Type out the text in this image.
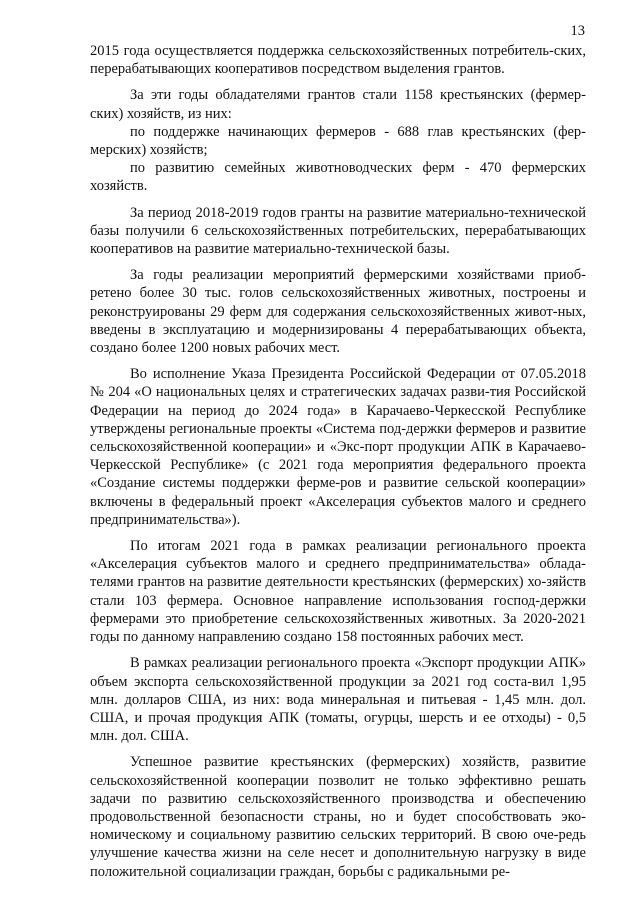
13

2015 года осуществляется поддержка сельскохозяйственных потребитель-ских, перерабатывающих кооперативов посредством выделения грантов.

За эти годы обладателями грантов стали 1158 крестьянских (фермер-ских) хозяйств, из них:

по поддержке начинающих фермеров - 688 глав крестьянских (фер-мерских) хозяйств;

по развитию семейных животноводческих ферм - 470 фермерских хозяйств.

За период 2018-2019 годов гранты на развитие материально-технической базы получили 6 сельскохозяйственных потребительских, перерабатывающих кооперативов на развитие материально-технической базы.

За годы реализации мероприятий фермерскими хозяйствами приоб-ретено более 30 тыс. голов сельскохозяйственных животных, построены и реконструированы 29 ферм для содержания сельскохозяйственных живот-ных, введены в эксплуатацию и модернизированы 4 перерабатывающих объекта, создано более 1200 новых рабочих мест.

Во исполнение Указа Президента Российской Федерации от 07.05.2018 № 204 «О национальных целях и стратегических задачах разви-тия Российской Федерации на период до 2024 года» в Карачаево-Черкесской Республике утверждены региональные проекты «Система под-держки фермеров и развитие сельскохозяйственной кооперации» и «Экс-порт продукции АПК в Карачаево-Черкесской Республике» (с 2021 года мероприятия федерального проекта «Создание системы поддержки ферме-ров и развитие сельской кооперации» включены в федеральный проект «Акселерация субъектов малого и среднего предпринимательства»).

По итогам 2021 года в рамках реализации регионального проекта «Акселерация субъектов малого и среднего предпринимательства» облада-телями грантов на развитие деятельности крестьянских (фермерских) хо-зяйств стали 103 фермера. Основное направление использования господ-держки фермерами это приобретение сельскохозяйственных животных. За 2020-2021 годы по данному направлению создано 158 постоянных рабочих мест.

В рамках реализации регионального проекта «Экспорт продукции АПК» объем экспорта сельскохозяйственной продукции за 2021 год соста-вил 1,95 млн. долларов США, из них: вода минеральная и питьевая - 1,45 млн. дол. США, и прочая продукция АПК (томаты, огурцы, шерсть и ее отходы) - 0,5 млн. дол. США.

Успешное развитие крестьянских (фермерских) хозяйств, развитие сельскохозяйственной кооперации позволит не только эффективно решать задачи по развитию сельскохозяйственного производства и обеспечению продовольственной безопасности страны, но и будет способствовать эко-номическому и социальному развитию сельских территорий. В свою оче-редь улучшение качества жизни на селе несет и дополнительную нагрузку в виде положительной социализации граждан, борьбы с радикальными ре-
